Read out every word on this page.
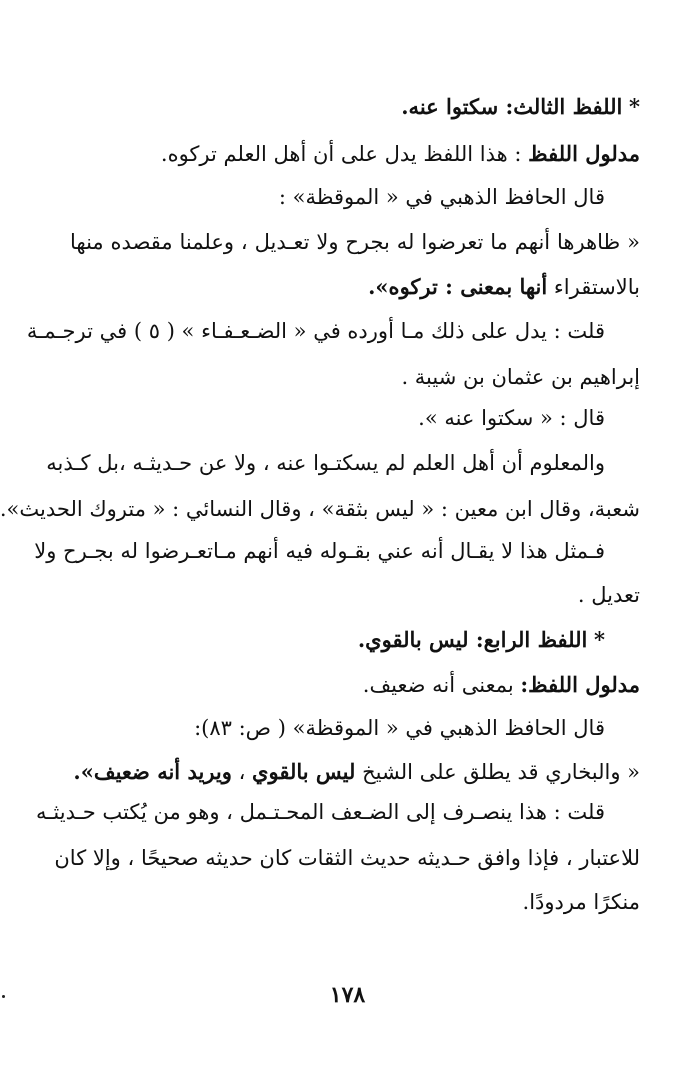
* اللفظ الثالث: سكتوا عنه.
مدلول اللفظ : هذا اللفظ يدل على أن أهل العلم تركوه.
قال الحافظ الذهبي في « الموقظة» :
« ظاهرها أنهم ما تعرضوا له بجرح ولا تعـديل ، وعلمنا مقصده منها
بالاستقراء أنها بمعنى : تركوه».
قلت : يدل على ذلك مـا أورده في « الضـعـفـاء » ( ٥ ) في ترجـمـة
إبراهيم بن عثمان بن شيبة .
قال : « سكتوا عنه ».
والمعلوم أن أهل العلم لم يسكتـوا عنه ، ولا عن حـديثـه ،بل كـذبه
شعبة، وقال ابن معين : « ليس بثقة» ، وقال النسائي : « متروك الحديث».
فـمثل هذا لا يقـال أنه عني بقـوله فيه أنهم مـاتعـرضوا له بجـرح ولا
تعديل .
* اللفظ الرابع: ليس بالقوي.
مدلول اللفظ: بمعنى أنه ضعيف.
قال الحافظ الذهبي في « الموقظة» ( ص: ٨٣):
« والبخاري قد يطلق على الشيخ ليس بالقوي ، ويريد أنه ضعيف».
قلت : هذا ينصـرف إلى الضـعف المحـتـمل ، وهو من يُكتب حـديثـه
للاعتبار ، فإذا وافق حـديثه حديث الثقات كان حديثه صحيحًا ، وإلا كان
منكرًا مردودًا.
١٧٨
